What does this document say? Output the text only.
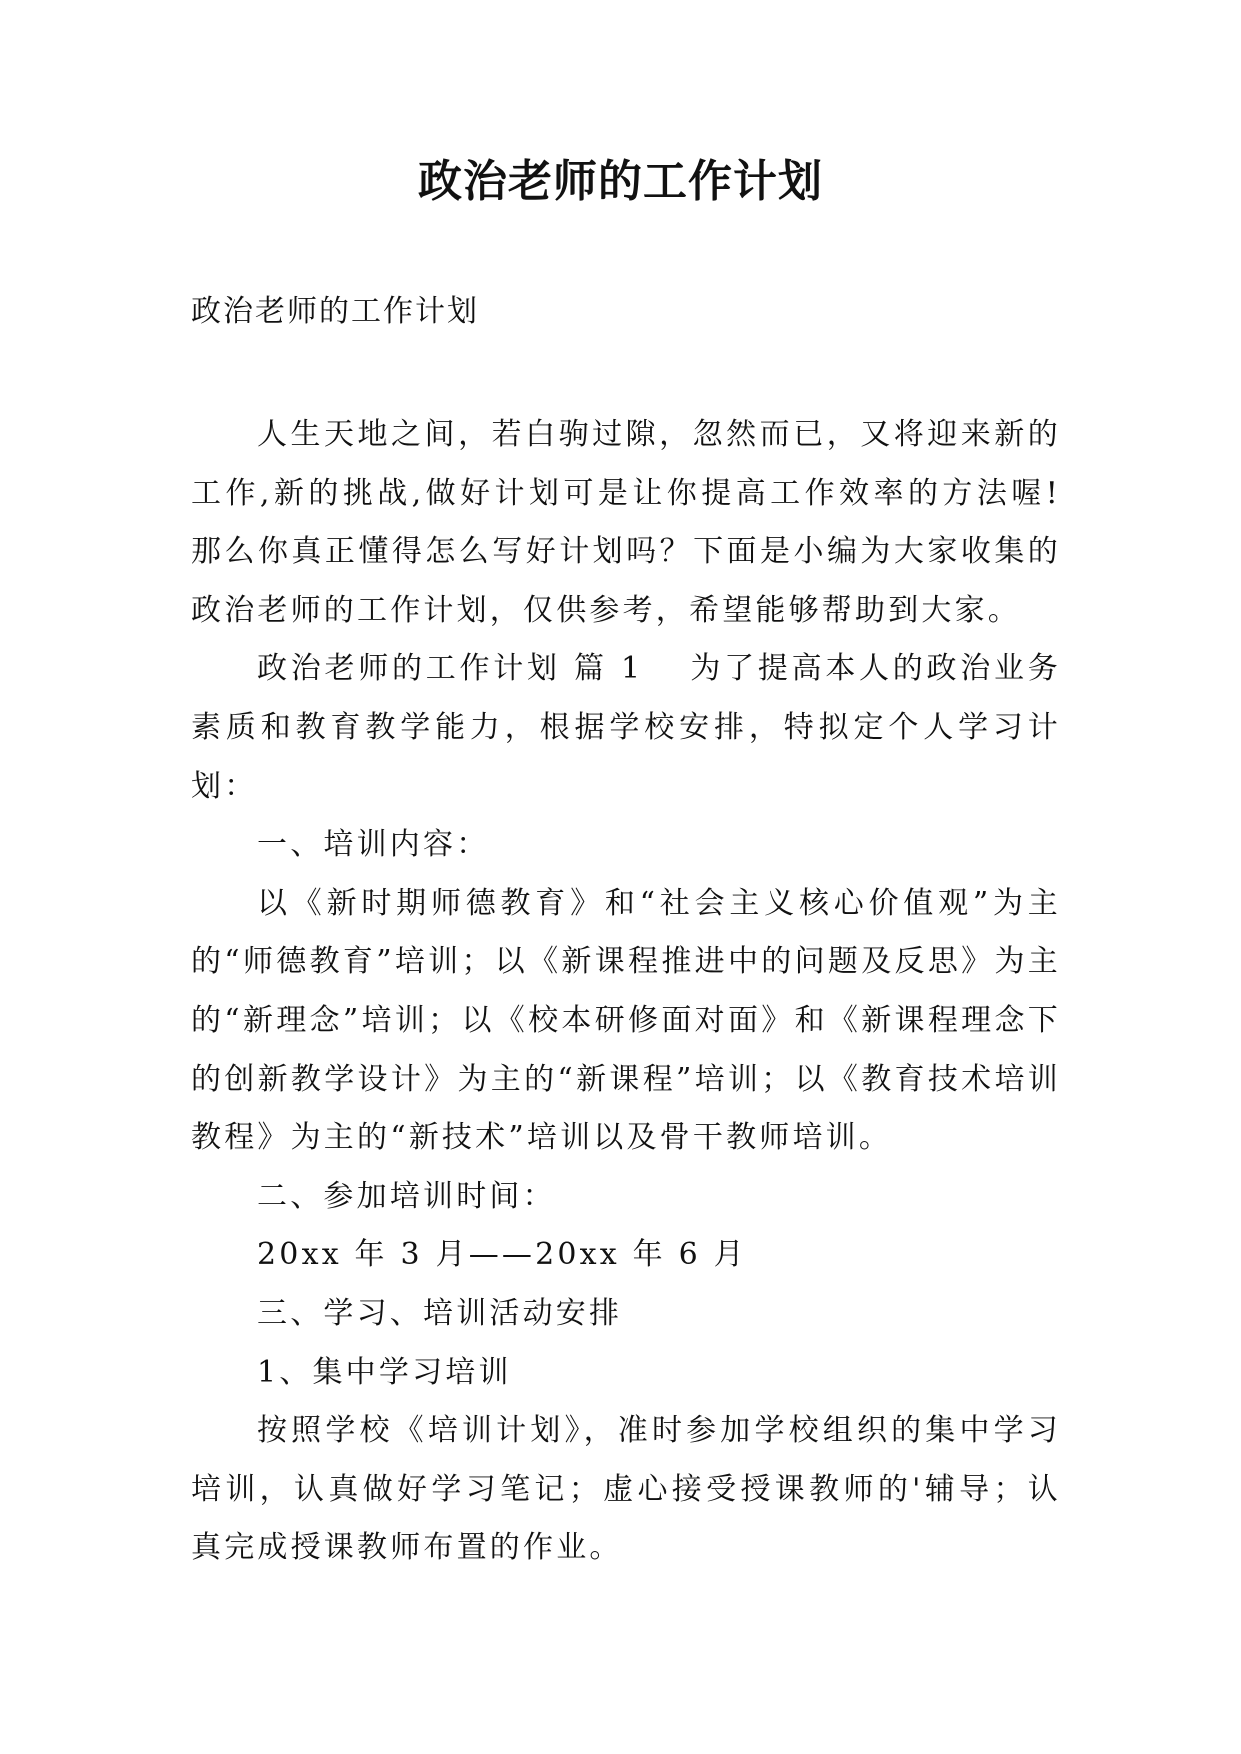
政治老师的工作计划
政治老师的工作计划

人生天地之间，若白驹过隙，忽然而已，又将迎来新的工作,新的挑战,做好计划可是让你提高工作效率的方法喔! 那么你真正懂得怎么写好计划吗？下面是小编为大家收集的政治老师的工作计划，仅供参考，希望能够帮助到大家。

政治老师的工作计划 篇 1 　为了提高本人的政治业务素质和教育教学能力，根据学校安排，特拟定个人学习计划：

一、培训内容：

以《新时期师德教育》和“社会主义核心价值观”为主的“师德教育”培训；以《新课程推进中的问题及反思》为主的“新理念”培训；以《校本研修面对面》和《新课程理念下的创新教学设计》为主的“新课程”培训；以《教育技术培训教程》为主的“新技术”培训以及骨干教师培训。

二、参加培训时间：

20xx 年 3 月——20xx 年 6 月

三、学习、培训活动安排

1、集中学习培训

按照学校《培训计划》，准时参加学校组织的集中学习培训，认真做好学习笔记；虚心接受授课教师的'辅导；认真完成授课教师布置的作业。
